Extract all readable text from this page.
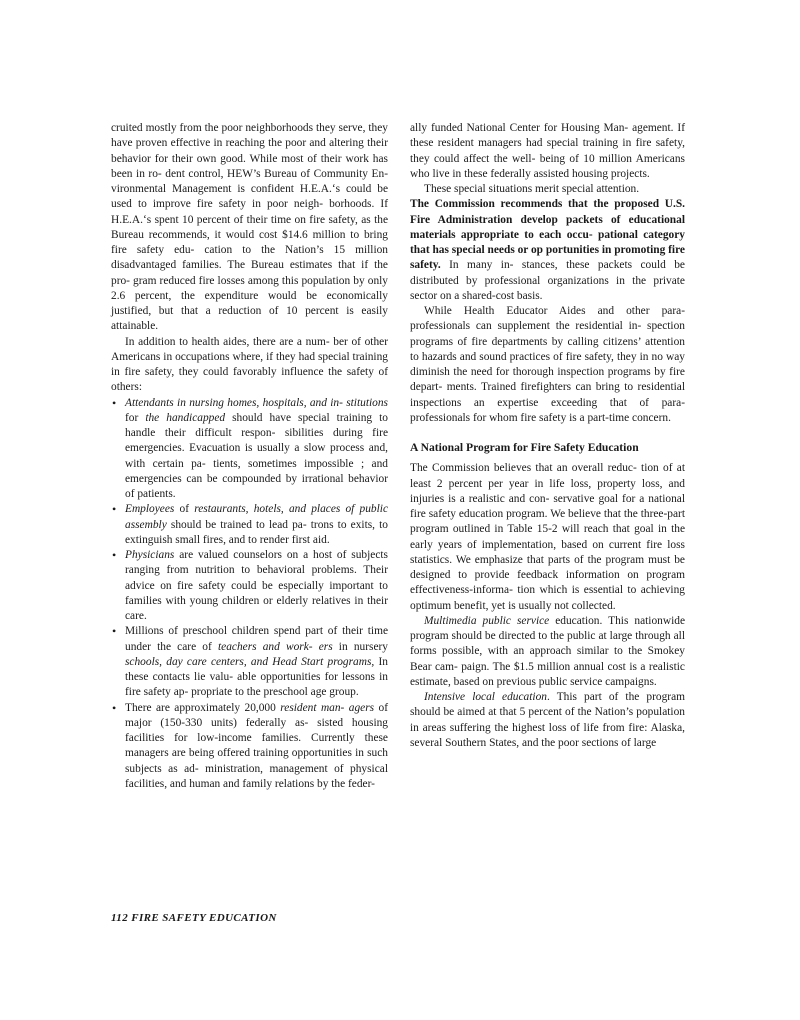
cruited mostly from the poor neighborhoods they serve, they have proven effective in reaching the poor and altering their behavior for their own good. While most of their work has been in ro- dent control, HEW’s Bureau of Community En- vironmental Management is confident H.E.A.‘s could be used to improve fire safety in poor neigh- borhoods. If H.E.A.‘s spent 10 percent of their time on fire safety, as the Bureau recommends, it would cost $14.6 million to bring fire safety edu- cation to the Nation’s 15 million disadvantaged families. The Bureau estimates that if the pro- gram reduced fire losses among this population by only 2.6 percent, the expenditure would be economically justified, but that a reduction of 10 percent is easily attainable.

In addition to health aides, there are a num- ber of other Americans in occupations where, if they had special training in fire safety, they could favorably influence the safety of others:

• Attendants in nursing homes, hospitals, and in- stitutions for the handicapped should have special training to handle their difficult respon- sibilities during fire emergencies. Evacuation is usually a slow process and, with certain pa- tients, sometimes impossible ; and emergencies can be compounded by irrational behavior of patients.
• Employees of restaurants, hotels, and places of public assembly should be trained to lead pa- trons to exits, to extinguish small fires, and to render first aid.
• Physicians are valued counselors on a host of subjects ranging from nutrition to behavioral problems. Their advice on fire safety could be especially important to families with young children or elderly relatives in their care.
• Millions of preschool children spend part of their time under the care of teachers and work- ers in nursery schools, day care centers, and Head Start programs, In these contacts lie valu- able opportunities for lessons in fire safety ap- propriate to the preschool age group.
• There are approximately 20,000 resident man- agers of major (150-330 units) federally as- sisted housing facilities for low-income families. Currently these managers are being offered training opportunities in such subjects as ad- ministration, management of physical facilities, and human and family relations by the feder-

ally funded National Center for Housing Man- agement. If these resident managers had special training in fire safety, they could affect the well- being of 10 million Americans who live in these federally assisted housing projects.

These special situations merit special attention.

The Commission recommends that the proposed U.S. Fire Administration develop packets of educational materials appropriate to each occu- pational category that has special needs or op portunities in promoting fire safety. In many in- stances, these packets could be distributed by professional organizations in the private sector on a shared-cost basis.

While Health Educator Aides and other para- professionals can supplement the residential in- spection programs of fire departments by calling citizens’ attention to hazards and sound practices of fire safety, they in no way diminish the need for thorough inspection programs by fire depart- ments. Trained firefighters can bring to residential inspections an expertise exceeding that of para- professionals for whom fire safety is a part-time concern.

A National Program for Fire Safety Education

The Commission believes that an overall reduc- tion of at least 2 percent per year in life loss, property loss, and injuries is a realistic and con- servative goal for a national fire safety education program. We believe that the three-part program outlined in Table 15-2 will reach that goal in the early years of implementation, based on current fire loss statistics. We emphasize that parts of the program must be designed to provide feedback information on program effectiveness-informa- tion which is essential to achieving optimum benefit, yet is usually not collected.

Multimedia public service education. This nationwide program should be directed to the public at large through all forms possible, with an approach similar to the Smokey Bear cam- paign. The $1.5 million annual cost is a realistic estimate, based on previous public service campaigns.

Intensive local education. This part of the program should be aimed at that 5 percent of the Nation’s population in areas suffering the highest loss of life from fire: Alaska, several Southern States, and the poor sections of large

112 FIRE SAFETY EDUCATION
